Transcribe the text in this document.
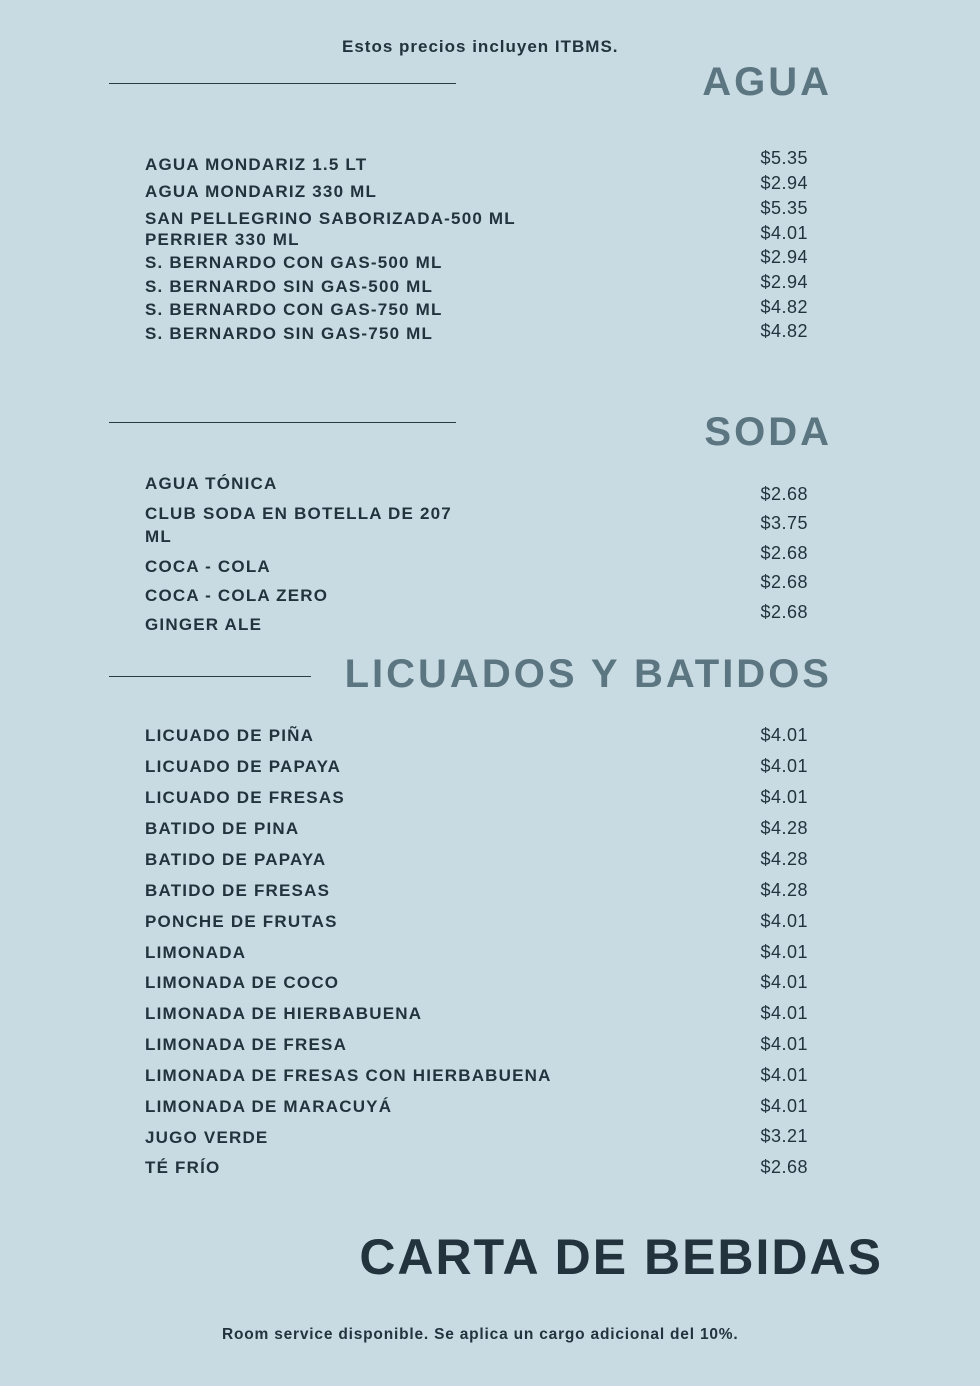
Estos precios incluyen ITBMS.
AGUA
AGUA MONDARIZ 1.5 LT
AGUA MONDARIZ 330 ML
SAN PELLEGRINO SABORIZADA-500 ML
PERRIER 330 ML
S. BERNARDO CON GAS-500 ML
S. BERNARDO SIN GAS-500 ML
S. BERNARDO CON GAS-750 ML
S. BERNARDO SIN GAS-750 ML
$5.35
$2.94
$5.35
$4.01
$2.94
$2.94
$4.82
$4.82
SODA
AGUA TÓNICA
CLUB SODA EN BOTELLA DE 207 ML
COCA - COLA
COCA - COLA ZERO
GINGER ALE
$2.68
$3.75
$2.68
$2.68
$2.68
LICUADOS Y BATIDOS
LICUADO DE PIÑA
LICUADO DE PAPAYA
LICUADO DE FRESAS
BATIDO DE PINA
BATIDO DE PAPAYA
BATIDO DE FRESAS
PONCHE DE FRUTAS
LIMONADA
LIMONADA DE COCO
LIMONADA DE HIERBABUENA
LIMONADA DE FRESA
LIMONADA DE FRESAS CON HIERBABUENA
LIMONADA DE MARACUYÁ
JUGO VERDE
TÉ FRÍO
$4.01
$4.01
$4.01
$4.28
$4.28
$4.28
$4.01
$4.01
$4.01
$4.01
$4.01
$4.01
$4.01
$3.21
$2.68
CARTA DE BEBIDAS
Room service disponible. Se aplica un cargo adicional del 10%.
